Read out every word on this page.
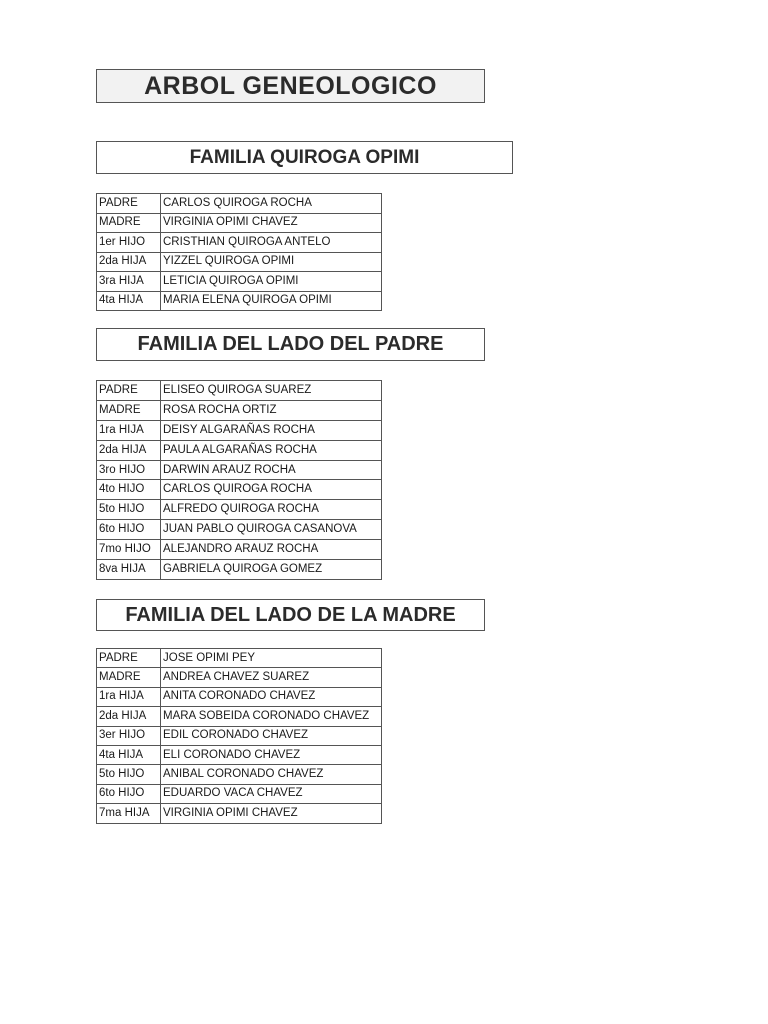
ARBOL GENEOLOGICO
FAMILIA QUIROGA OPIMI
PADRE	CARLOS QUIROGA ROCHA
MADRE	VIRGINIA OPIMI CHAVEZ
1er HIJO	CRISTHIAN QUIROGA ANTELO
2da HIJA	YIZZEL QUIROGA OPIMI
3ra HIJA	LETICIA QUIROGA OPIMI
4ta HIJA	MARIA ELENA QUIROGA OPIMI
FAMILIA DEL LADO DEL PADRE
PADRE	ELISEO QUIROGA SUAREZ
MADRE	ROSA ROCHA ORTIZ
1ra HIJA	DEISY ALGARAÑAS ROCHA
2da HIJA	PAULA ALGARAÑAS ROCHA
3ro HIJO	DARWIN ARAUZ ROCHA
4to HIJO	CARLOS QUIROGA ROCHA
5to HIJO	ALFREDO QUIROGA ROCHA
6to HIJO	JUAN PABLO QUIROGA CASANOVA
7mo HIJO	ALEJANDRO ARAUZ ROCHA
8va HIJA	GABRIELA QUIROGA GOMEZ
FAMILIA DEL LADO DE LA MADRE
PADRE	JOSE OPIMI PEY
MADRE	ANDREA CHAVEZ SUAREZ
1ra HIJA	ANITA CORONADO CHAVEZ
2da HIJA	MARA SOBEIDA CORONADO CHAVEZ
3er HIJO	EDIL CORONADO CHAVEZ
4ta HIJA	ELI CORONADO CHAVEZ
5to HIJO	ANIBAL CORONADO CHAVEZ
6to HIJO	EDUARDO VACA CHAVEZ
7ma HIJA	VIRGINIA OPIMI CHAVEZ
